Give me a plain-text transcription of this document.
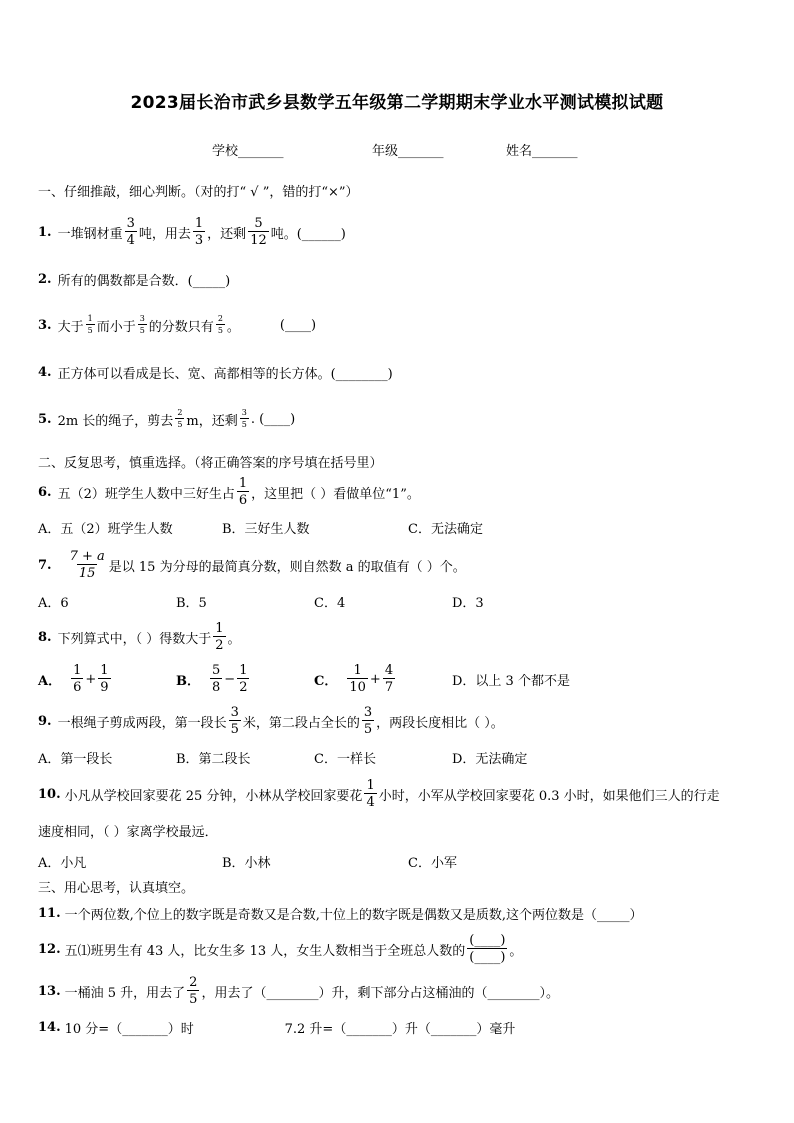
2023届长治市武乡县数学五年级第二学期期末学业水平测试模拟试题
学校_______	年级_______	姓名_______
一、仔细推敲，细心判断。（对的打“ √ ”，错的打“×”）
1. 一堆钢材重 $\frac{3}{4}$ 吨，用去 $\frac{1}{3}$ ，还剩 $\frac{5}{12}$ 吨。(______)
2. 所有的偶数都是合数．(_____)
3. 大于 $\frac{1}{5}$ 而小于 $\frac{3}{5}$ 的分数只有 $\frac{2}{5}$ 。	(____)
4. 正方体可以看成是长、宽、高都相等的长方体。(________)
5. 2m 长的绳子，剪去 $\frac{2}{5}$ m，还剩 $\frac{3}{5}$ . (____)
二、反复思考，慎重选择。（将正确答案的序号填在括号里）
6. 五（2）班学生人数中三好生占 $\frac{1}{6}$ ，这里把（ ）看做单位“1”。
A．五（2）班学生人数	B．三好生人数	C．无法确定
7. $\frac{7 + a}{15}$ 是以 15 为分母的最简真分数，则自然数 a 的取值有（ ）个。
A．6	B．5	C．4	D．3
8. 下列算式中，（ ）得数大于 $\frac{1}{2}$ 。
A． $\frac{1}{6} + \frac{1}{9}$	B． $\frac{5}{8} - \frac{1}{2}$	C． $\frac{1}{10} + \frac{4}{7}$	D．以上 3 个都不是
9. 一根绳子剪成两段，第一段长 $\frac{3}{5}$ 米，第二段占全长的 $\frac{3}{5}$ ，两段长度相比（ ）。
A．第一段长	B．第二段长	C．一样长	D．无法确定
10. 小凡从学校回家要花 25 分钟，小林从学校回家要花 $\frac{1}{4}$ 小时，小军从学校回家要花 0.3 小时，如果他们三人的行走
速度相同，（ ）家离学校最远．
A．小凡	B．小林	C．小军
三、用心思考，认真填空。
11. 一个两位数,个位上的数字既是奇数又是合数,十位上的数字既是偶数又是质数,这个两位数是（_____）
12. 五⑴班男生有 43 人，比女生多 13 人，女生人数相当于全班总人数的 $\frac{(\_\_\_\_)}{(\_\_\_\_)}$ 。
13. 一桶油 5 升，用去了 $\frac{2}{5}$ ，用去了（________）升，剩下部分占这桶油的（________）。
14. 10 分=（_______）时	7.2 升=（_______）升（_______）毫升
